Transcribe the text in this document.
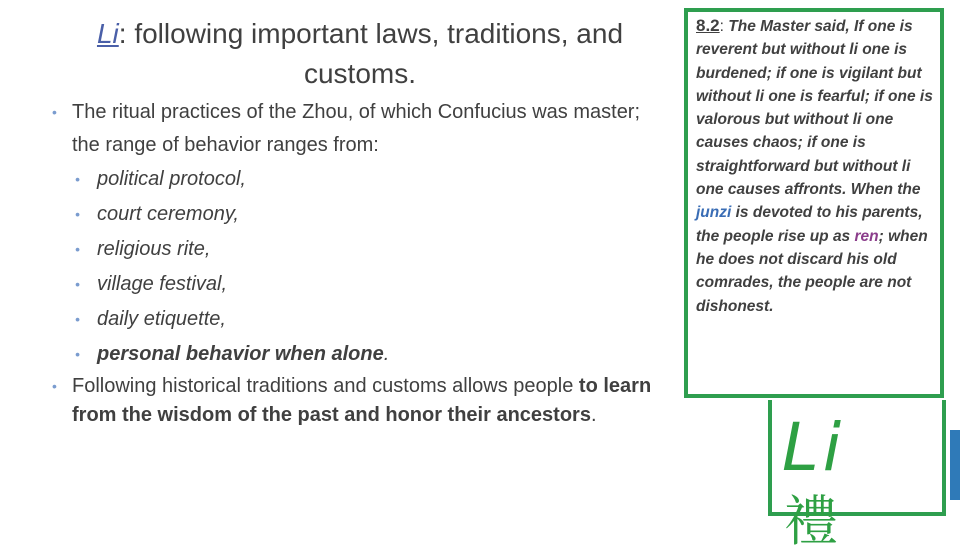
Li: following important laws, traditions, and customs.
• The ritual practices of the Zhou, of which Confucius was master; the range of behavior ranges from:
• political protocol,
• court ceremony,
• religious rite,
• village festival,
• daily etiquette,
• personal behavior when alone.
• Following historical traditions and customs allows people to learn from the wisdom of the past and honor their ancestors.
8.2: The Master said, If one is reverent but without li one is burdened; if one is vigilant but without li one is fearful; if one is valorous but without li one causes chaos; if one is straightforward but without li one causes affronts. When the junzi is devoted to his parents, the people rise up as ren; when he does not discard his old comrades, the people are not dishonest.
Li
禮
